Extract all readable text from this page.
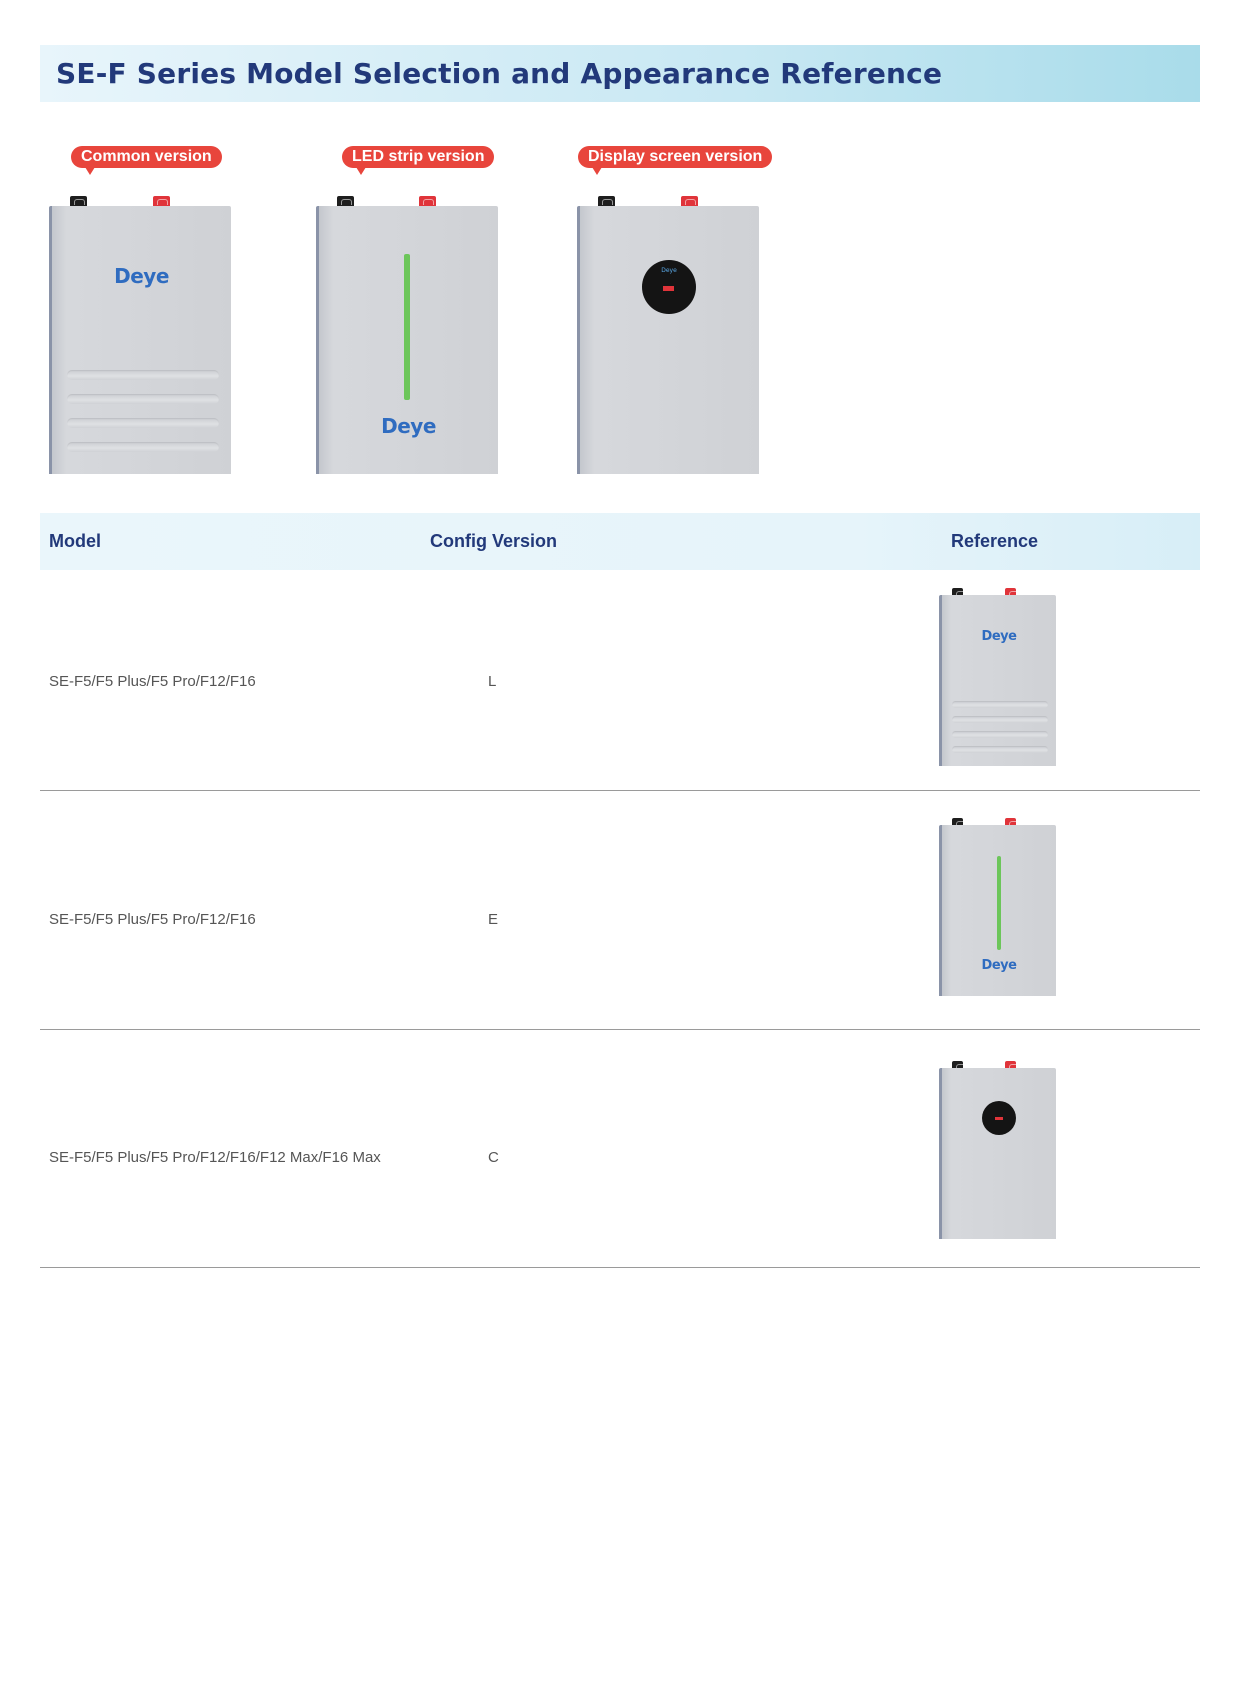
SE-F Series Model Selection and Appearance Reference
Common version	LED strip version	Display screen version
Deye
Deye
Deye
Model	Config Version	Reference
SE-F5/F5 Plus/F5 Pro/F12/F16	L
Deye
SE-F5/F5 Plus/F5 Pro/F12/F16	E
Deye
SE-F5/F5 Plus/F5 Pro/F12/F16/F12 Max/F16 Max	C
